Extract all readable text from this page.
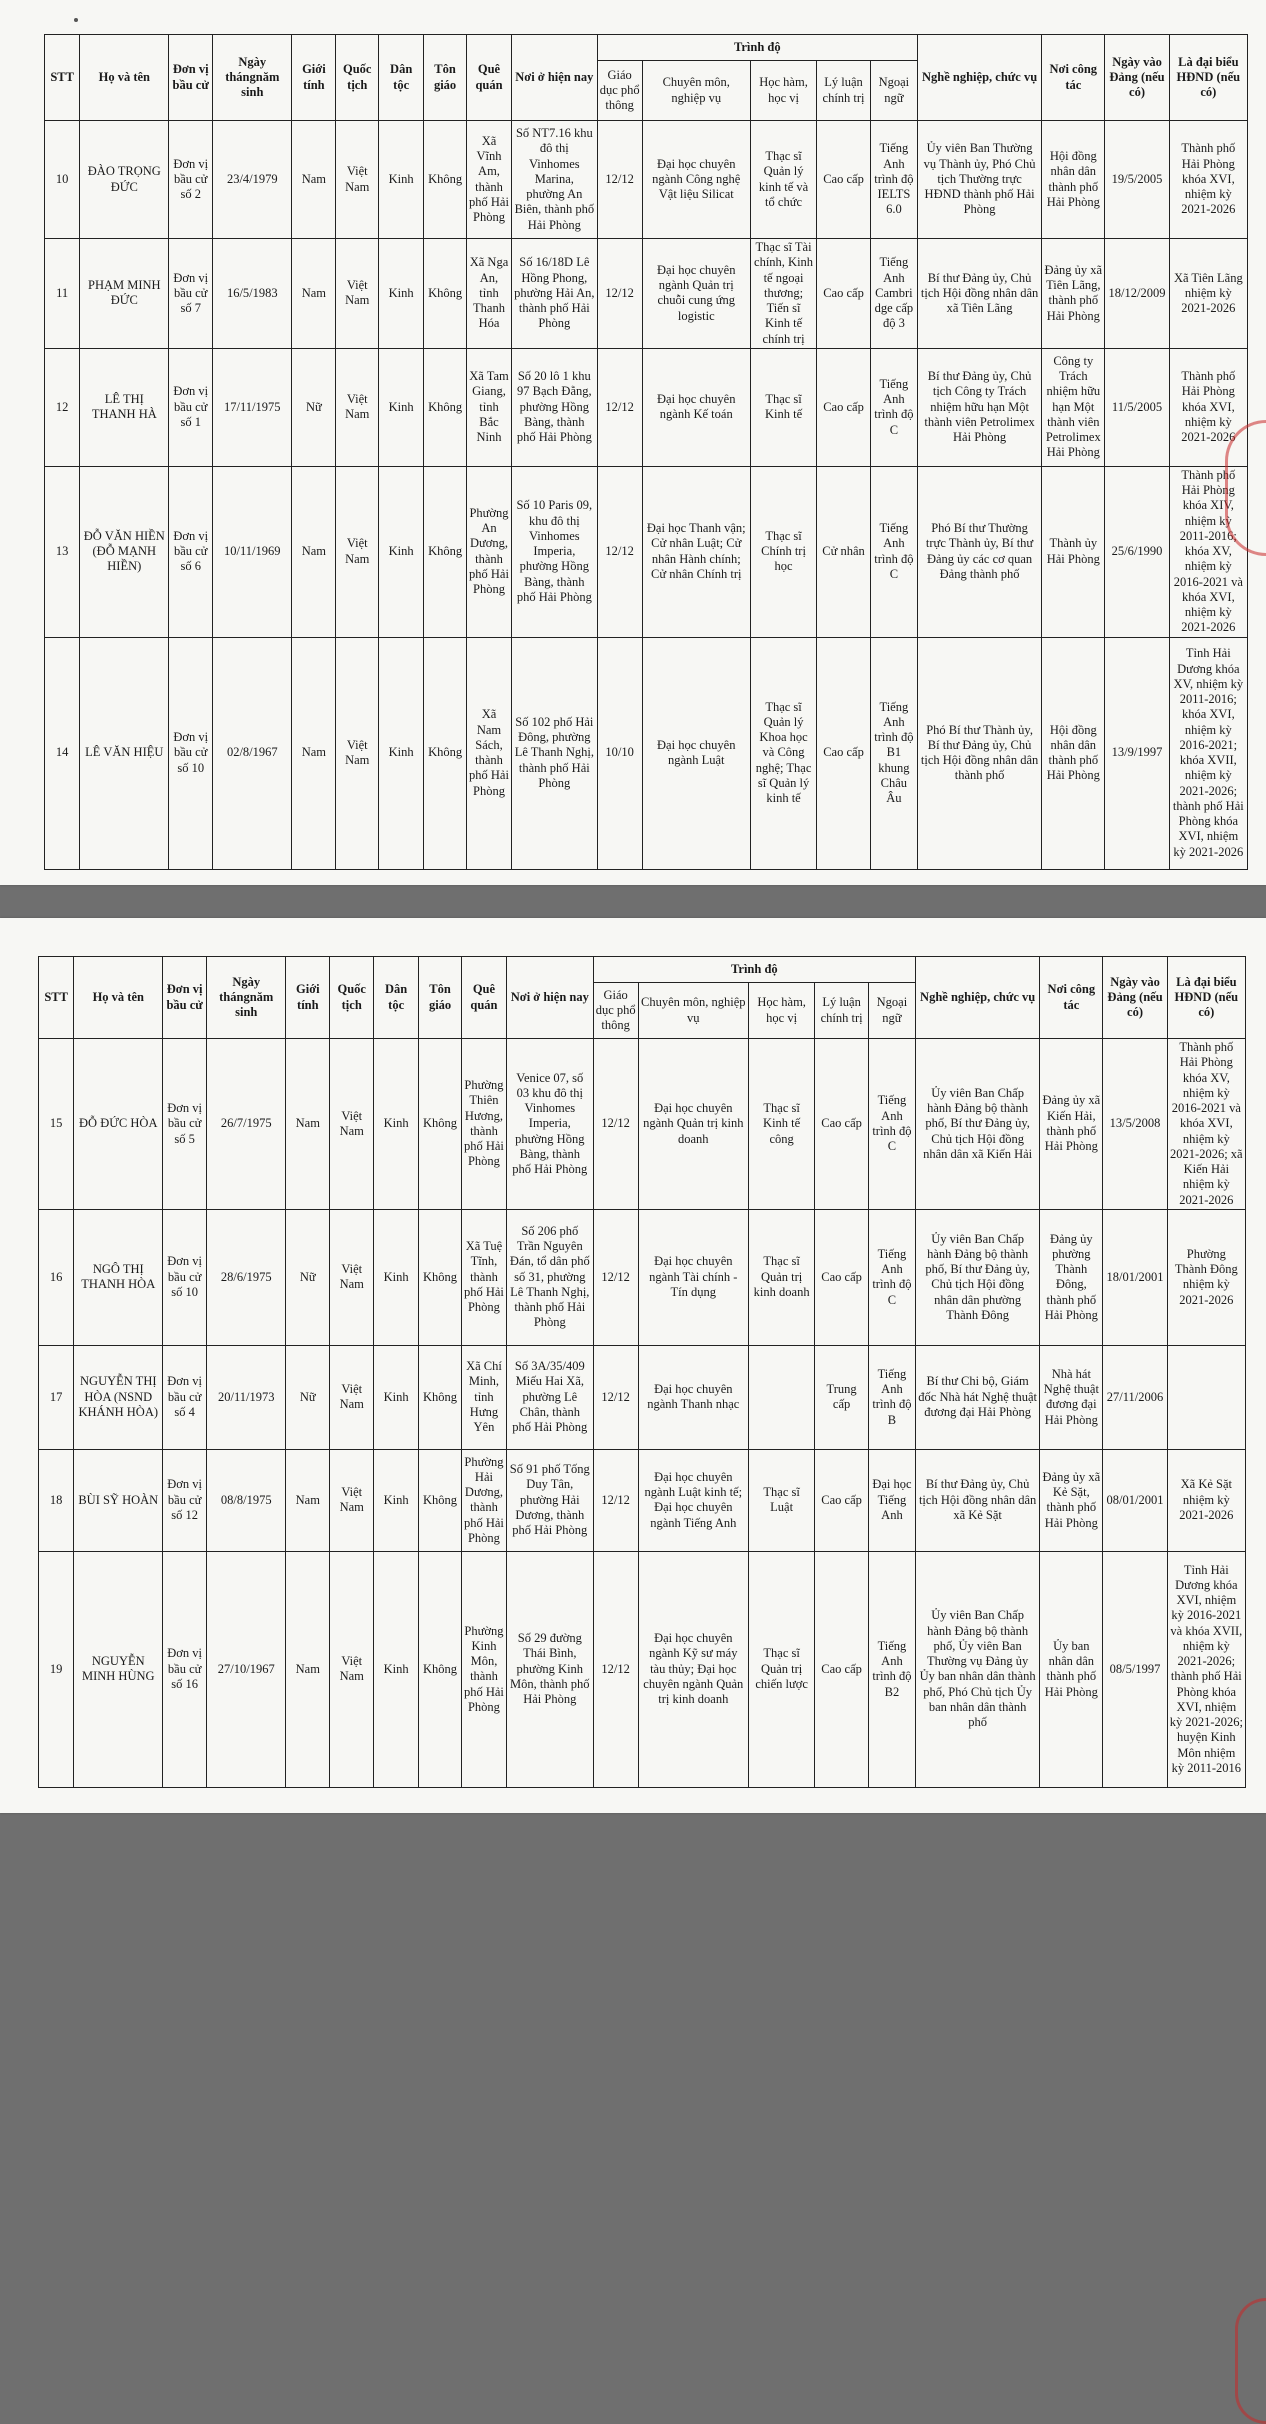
STT	Họ và tên	Đơn vị bầu cử	Ngày thángnăm sinh	Giới tính	Quốc tịch	Dân tộc	Tôn giáo	Quê quán	Nơi ở hiện nay	Trình độ					Nghề nghiệp, chức vụ	Nơi công tác	Ngày vào Đảng (nếu có)	Là đại biểu HĐND (nếu có)
										Giáo dục phổ thông	Chuyên môn, nghiệp vụ	Học hàm, học vị	Lý luận chính trị	Ngoại ngữ				
10	ĐÀO TRỌNG ĐỨC	Đơn vị bầu cử số 2	23/4/1979	Nam	Việt Nam	Kinh	Không	Xã Vĩnh Am, thành phố Hải Phòng	Số NT7.16 khu đô thị Vinhomes Marina, phường An Biên, thành phố Hải Phòng	12/12	Đại học chuyên ngành Công nghệ Vật liệu Silicat	Thạc sĩ Quản lý kinh tế và tổ chức	Cao cấp	Tiếng Anh trình độ IELTS 6.0	Ủy viên Ban Thường vụ Thành ủy, Phó Chủ tịch Thường trực HĐND thành phố Hải Phòng	Hội đồng nhân dân thành phố Hải Phòng	19/5/2005	Thành phố Hải Phòng khóa XVI, nhiệm kỳ 2021-2026
11	PHẠM MINH ĐỨC	Đơn vị bầu cử số 7	16/5/1983	Nam	Việt Nam	Kinh	Không	Xã Nga An, tỉnh Thanh Hóa	Số 16/18D Lê Hồng Phong, phường Hải An, thành phố Hải Phòng	12/12	Đại học chuyên ngành Quản trị chuỗi cung ứng logistic	Thạc sĩ Tài chính, Kinh tế ngoại thương; Tiến sĩ Kinh tế chính trị	Cao cấp	Tiếng Anh Cambridge cấp độ 3	Bí thư Đảng ủy, Chủ tịch Hội đồng nhân dân xã Tiên Lãng	Đảng ủy xã Tiên Lãng, thành phố Hải Phòng	18/12/2009	Xã Tiên Lãng nhiệm kỳ 2021-2026
12	LÊ THỊ THANH HÀ	Đơn vị bầu cử số 1	17/11/1975	Nữ	Việt Nam	Kinh	Không	Xã Tam Giang, tỉnh Bắc Ninh	Số 20 lô 1 khu 97 Bạch Đằng, phường Hồng Bàng, thành phố Hải Phòng	12/12	Đại học chuyên ngành Kế toán	Thạc sĩ Kinh tế	Cao cấp	Tiếng Anh trình độ C	Bí thư Đảng ủy, Chủ tịch Công ty Trách nhiệm hữu hạn Một thành viên Petrolimex Hải Phòng	Công ty Trách nhiệm hữu hạn Một thành viên Petrolimex Hải Phòng	11/5/2005	Thành phố Hải Phòng khóa XVI, nhiệm kỳ 2021-2026
13	ĐỖ VĂN HIỀN (ĐỖ MẠNH HIỀN)	Đơn vị bầu cử số 6	10/11/1969	Nam	Việt Nam	Kinh	Không	Phường An Dương, thành phố Hải Phòng	Số 10 Paris 09, khu đô thị Vinhomes Imperia, phường Hồng Bàng, thành phố Hải Phòng	12/12	Đại học Thanh vận; Cử nhân Luật; Cử nhân Hành chính; Cử nhân Chính trị	Thạc sĩ Chính trị học	Cử nhân	Tiếng Anh trình độ C	Phó Bí thư Thường trực Thành ủy, Bí thư Đảng ủy các cơ quan Đảng thành phố	Thành ủy Hải Phòng	25/6/1990	Thành phố Hải Phòng khóa XIV, nhiệm kỳ 2011-2016; khóa XV, nhiệm kỳ 2016-2021 và khóa XVI, nhiệm kỳ 2021-2026
14	LÊ VĂN HIỆU	Đơn vị bầu cử số 10	02/8/1967	Nam	Việt Nam	Kinh	Không	Xã Nam Sách, thành phố Hải Phòng	Số 102 phố Hải Đông, phường Lê Thanh Nghị, thành phố Hải Phòng	10/10	Đại học chuyên ngành Luật	Thạc sĩ Quản lý Khoa học và Công nghệ; Thạc sĩ Quản lý kinh tế	Cao cấp	Tiếng Anh trình độ B1 khung Châu Âu	Phó Bí thư Thành ủy, Bí thư Đảng ủy, Chủ tịch Hội đồng nhân dân thành phố	Hội đồng nhân dân thành phố Hải Phòng	13/9/1997	Tỉnh Hải Dương khóa XV, nhiệm kỳ 2011-2016; khóa XVI, nhiệm kỳ 2016-2021; khóa XVII, nhiệm kỳ 2021-2026; thành phố Hải Phòng khóa XVI, nhiệm kỳ 2021-2026
STT	Họ và tên	Đơn vị bầu cử	Ngày thángnăm sinh	Giới tính	Quốc tịch	Dân tộc	Tôn giáo	Quê quán	Nơi ở hiện nay	Trình độ					Nghề nghiệp, chức vụ	Nơi công tác	Ngày vào Đảng (nếu có)	Là đại biểu HĐND (nếu có)
										Giáo dục phổ thông	Chuyên môn, nghiệp vụ	Học hàm, học vị	Lý luận chính trị	Ngoại ngữ				
15	ĐỖ ĐỨC HÒA	Đơn vị bầu cử số 5	26/7/1975	Nam	Việt Nam	Kinh	Không	Phường Thiên Hương, thành phố Hải Phòng	Venice 07, số 03 khu đô thị Vinhomes Imperia, phường Hồng Bàng, thành phố Hải Phòng	12/12	Đại học chuyên ngành Quản trị kinh doanh	Thạc sĩ Kinh tế công	Cao cấp	Tiếng Anh trình độ C	Ủy viên Ban Chấp hành Đảng bộ thành phố, Bí thư Đảng ủy, Chủ tịch Hội đồng nhân dân xã Kiến Hải	Đảng ủy xã Kiến Hải, thành phố Hải Phòng	13/5/2008	Thành phố Hải Phòng khóa XV, nhiệm kỳ 2016-2021 và khóa XVI, nhiệm kỳ 2021-2026; xã Kiến Hải nhiệm kỳ 2021-2026
16	NGÔ THỊ THANH HÒA	Đơn vị bầu cử số 10	28/6/1975	Nữ	Việt Nam	Kinh	Không	Xã Tuệ Tĩnh, thành phố Hải Phòng	Số 206 phố Trần Nguyên Đán, tổ dân phố số 31, phường Lê Thanh Nghị, thành phố Hải Phòng	12/12	Đại học chuyên ngành Tài chính - Tín dụng	Thạc sĩ Quản trị kinh doanh	Cao cấp	Tiếng Anh trình độ C	Ủy viên Ban Chấp hành Đảng bộ thành phố, Bí thư Đảng ủy, Chủ tịch Hội đồng nhân dân phường Thành Đông	Đảng ủy phường Thành Đông, thành phố Hải Phòng	18/01/2001	Phường Thành Đông nhiệm kỳ 2021-2026
17	NGUYỄN THỊ HÒA (NSND KHÁNH HÒA)	Đơn vị bầu cử số 4	20/11/1973	Nữ	Việt Nam	Kinh	Không	Xã Chí Minh, tỉnh Hưng Yên	Số 3A/35/409 Miếu Hai Xã, phường Lê Chân, thành phố Hải Phòng	12/12	Đại học chuyên ngành Thanh nhạc		Trung cấp	Tiếng Anh trình độ B	Bí thư Chi bộ, Giám đốc Nhà hát Nghệ thuật đương đại Hải Phòng	Nhà hát Nghệ thuật đương đại Hải Phòng	27/11/2006	
18	BÙI SỸ HOÀN	Đơn vị bầu cử số 12	08/8/1975	Nam	Việt Nam	Kinh	Không	Phường Hải Dương, thành phố Hải Phòng	Số 91 phố Tống Duy Tân, phường Hải Dương, thành phố Hải Phòng	12/12	Đại học chuyên ngành Luật kinh tế; Đại học chuyên ngành Tiếng Anh	Thạc sĩ Luật	Cao cấp	Đại học Tiếng Anh	Bí thư Đảng ủy, Chủ tịch Hội đồng nhân dân xã Kẻ Sặt	Đảng ủy xã Kẻ Sặt, thành phố Hải Phòng	08/01/2001	Xã Kẻ Sặt nhiệm kỳ 2021-2026
19	NGUYỄN MINH HÙNG	Đơn vị bầu cử số 16	27/10/1967	Nam	Việt Nam	Kinh	Không	Phường Kinh Môn, thành phố Hải Phòng	Số 29 đường Thái Bình, phường Kinh Môn, thành phố Hải Phòng	12/12	Đại học chuyên ngành Kỹ sư máy tàu thủy; Đại học chuyên ngành Quản trị kinh doanh	Thạc sĩ Quản trị chiến lược	Cao cấp	Tiếng Anh trình độ B2	Ủy viên Ban Chấp hành Đảng bộ thành phố, Ủy viên Ban Thường vụ Đảng ủy Ủy ban nhân dân thành phố, Phó Chủ tịch Ủy ban nhân dân thành phố	Ủy ban nhân dân thành phố Hải Phòng	08/5/1997	Tỉnh Hải Dương khóa XVI, nhiệm kỳ 2016-2021 và khóa XVII, nhiệm kỳ 2021-2026; thành phố Hải Phòng khóa XVI, nhiệm kỳ 2021-2026; huyện Kinh Môn nhiệm kỳ 2011-2016
